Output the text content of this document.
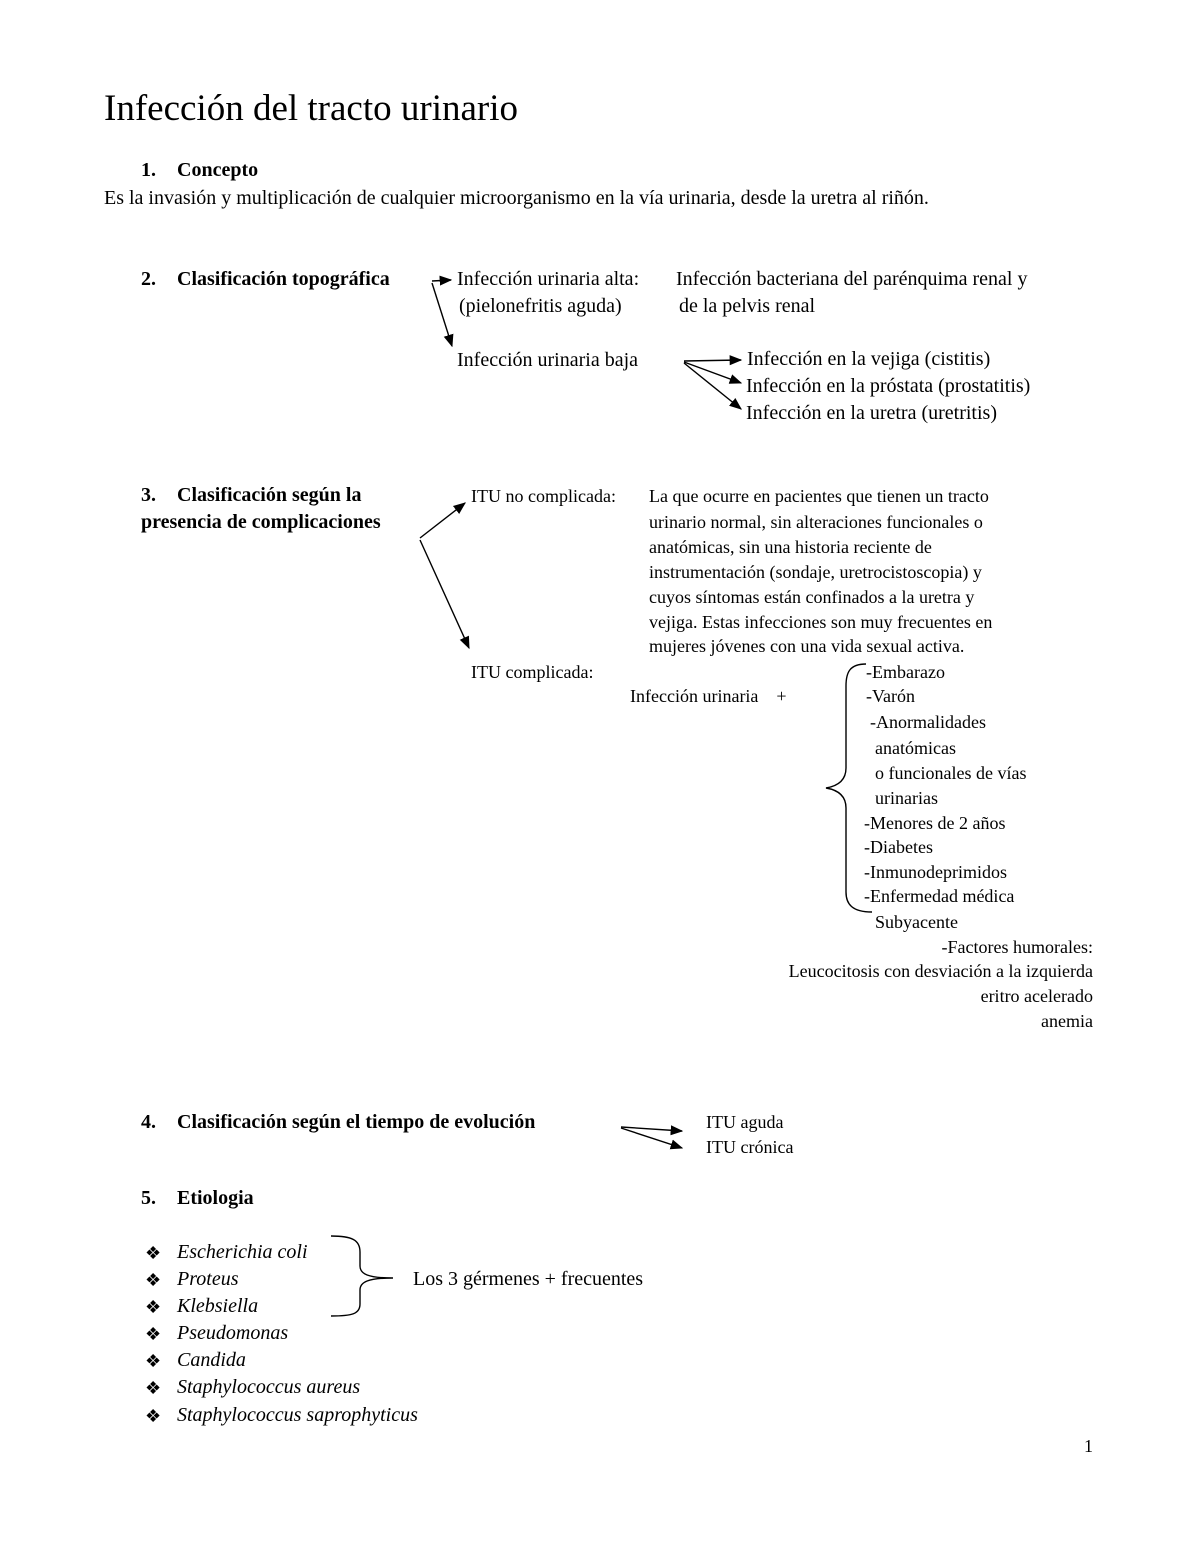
Infección del tracto urinario
1. Concepto
Es la invasión y multiplicación de cualquier microorganismo en la vía urinaria, desde la uretra al riñón.
2. Clasificación topográfica	Infección urinaria alta: Infección bacteriana del parénquima renal y
(pielonefritis aguda)	de la pelvis renal
Infección urinaria baja	Infección en la vejiga (cistitis)
Infección en la próstata (prostatitis)
Infección en la uretra (uretritis)
3. Clasificación según la
presencia de complicaciones
ITU no complicada: La que ocurre en pacientes que tienen un tracto
urinario normal, sin alteraciones funcionales o
anatómicas, sin una historia reciente de
instrumentación (sondaje, uretrocistoscopia) y
cuyos síntomas están confinados a la uretra y
vejiga. Estas infecciones son muy frecuentes en
mujeres jóvenes con una vida sexual activa.
ITU complicada:
Infección urinaria    +
-Embarazo
-Varón
-Anormalidades
anatómicas
o funcionales de vías
urinarias
-Menores de 2 años
-Diabetes
-Inmunodeprimidos
-Enfermedad médica
Subyacente
-Factores humorales:
Leucocitosis con desviación a la izquierda
eritro acelerado
anemia
4. Clasificación según el tiempo de evolución	ITU aguda
ITU crónica
5. Etiologia
❖ Escherichia coli
❖ Proteus
❖ Klebsiella
❖ Pseudomonas
❖ Candida
❖ Staphylococcus aureus
❖ Staphylococcus saprophyticus
Los 3 gérmenes + frecuentes
1
